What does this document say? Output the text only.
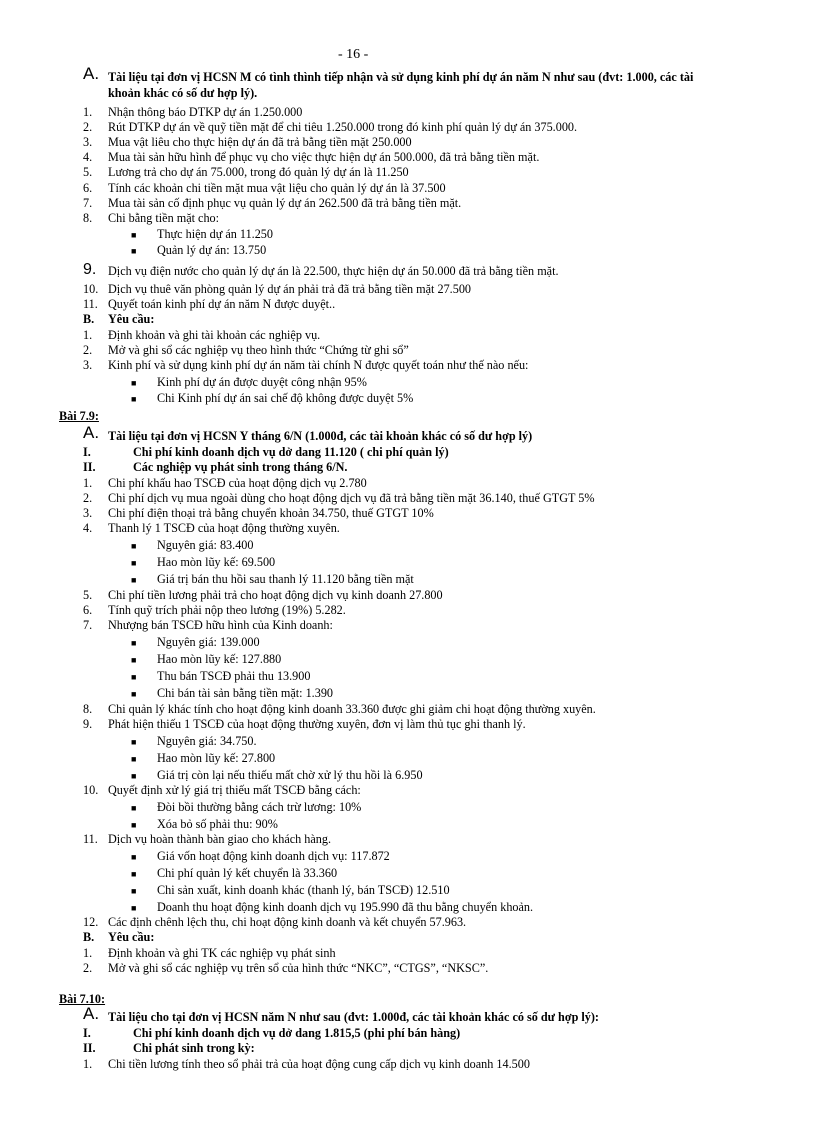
- 16 -
A. Tài liệu tại đơn vị HCSN M có tình thình tiếp nhận và sử dụng kinh phí dự án năm N như sau (đvt: 1.000, các tài
khoản khác có số dư hợp lý).
1. Nhận thông báo DTKP dự án 1.250.000
2. Rút DTKP dự án về quỹ tiền mặt để chi tiêu 1.250.000 trong đó kinh phí quản lý dự án 375.000.
3. Mua vật liêu cho thực hiện dự án đã trả bằng tiền mặt 250.000
4. Mua tài sản hữu hình để phục vụ cho việc thực hiện dự án 500.000, đã trả bằng tiền mặt.
5. Lương trả cho dự án 75.000, trong đó quản lý dự án là 11.250
6. Tính các khoản chi tiền mặt mua vật liệu cho quản lý dự án là 37.500
7. Mua tài sản cố định phục vụ quản lý dự án 262.500 đã trả bằng tiền mặt.
8. Chi bằng tiền mặt cho:
■ Thực hiện dự án 11.250
■ Quản lý dự án: 13.750
9. Dịch vụ điện nước cho quản lý dự án là 22.500, thực hiện dự án 50.000 đã trả bằng tiền mặt.
10. Dịch vụ thuê văn phòng quản lý dự án phải trả đã trả bằng tiền mặt 27.500
11. Quyết toán kinh phí dự án năm N được duyệt..
B. Yêu cầu:
1. Định khoản và ghi tài khoản các nghiệp vụ.
2. Mở và ghi sổ các nghiệp vụ theo hình thức “Chứng từ ghi sổ”
3. Kinh phí và sử dụng kinh phí dự án năm tài chính N được quyết toán như thế nào nếu:
■ Kinh phí dự án được duyệt công nhận 95%
■ Chi Kinh phí dự án sai chế độ không được duyệt 5%
Bài 7.9:
A. Tài liệu tại đơn vị HCSN Y tháng 6/N (1.000đ, các tài khoản khác có số dư hợp lý)
I.	Chi phí kinh doanh dịch vụ dở dang 11.120 ( chi phí quản lý)
II.	Các nghiệp vụ phát sinh trong tháng 6/N.
1. Chi phí khấu hao TSCĐ của hoạt động dịch vụ 2.780
2. Chi phí dịch vụ mua ngoài dùng cho hoạt động dịch vụ đã trả bằng tiền mặt 36.140, thuế GTGT 5%
3. Chi phí điện thoại trả bằng chuyển khoản 34.750, thuế GTGT 10%
4. Thanh lý 1 TSCĐ của hoạt động thường xuyên.
■ Nguyên giá: 83.400
■ Hao mòn lũy kế: 69.500
■ Giá trị bán thu hồi sau thanh lý 11.120 bằng tiền mặt
5. Chi phí tiền lương phải trả cho hoạt động dịch vụ kinh doanh 27.800
6. Tính quỹ trích phải nộp theo lương (19%) 5.282.
7. Nhượng bán TSCĐ hữu hình của Kinh doanh:
■ Nguyên giá: 139.000
■ Hao mòn lũy kế: 127.880
■ Thu bán TSCĐ phải thu 13.900
■ Chi bán tài sản bằng tiền mặt: 1.390
8. Chi quản lý khác tính cho hoạt động kinh doanh 33.360 được ghi giảm chi hoạt động thường xuyên.
9. Phát hiện thiếu 1 TSCĐ của hoạt động thường xuyên, đơn vị làm thủ tục ghi thanh lý.
■ Nguyên giá: 34.750.
■ Hao mòn lũy kế: 27.800
■ Giá trị còn lại nếu thiếu mất chờ xử lý thu hồi là 6.950
10. Quyết định xử lý giá trị thiếu mất TSCĐ bằng cách:
■ Đòi bồi thường bằng cách trừ lương: 10%
■ Xóa bỏ số phải thu: 90%
11. Dịch vụ hoàn thành bàn giao cho khách hàng.
■ Giá vốn hoạt động kinh doanh dịch vụ: 117.872
■ Chi phí quản lý kết chuyển là 33.360
■ Chi sản xuất, kinh doanh khác (thanh lý, bán TSCĐ) 12.510
■ Doanh thu hoạt động kinh doanh dịch vụ 195.990 đã thu bằng chuyển khoản.
12. Các định chênh lệch thu, chi hoạt động kinh doanh và kết chuyển 57.963.
B. Yêu cầu:
1. Định khoản và ghi TK các nghiệp vụ phát sinh
2. Mở và ghi sổ các nghiệp vụ trên sổ của hình thức “NKC”, “CTGS”, “NKSC”.
Bài 7.10:
A. Tài liệu cho tại đơn vị HCSN năm N như sau (đvt: 1.000đ, các tài khoản khác có số dư hợp lý):
I.	Chi phí kinh doanh dịch vụ dở dang 1.815,5 (phi phí bán hàng)
II.	Chi phát sinh trong kỳ:
1. Chi tiền lương tính theo sổ phải trả của hoạt động cung cấp dịch vụ kinh doanh 14.500
